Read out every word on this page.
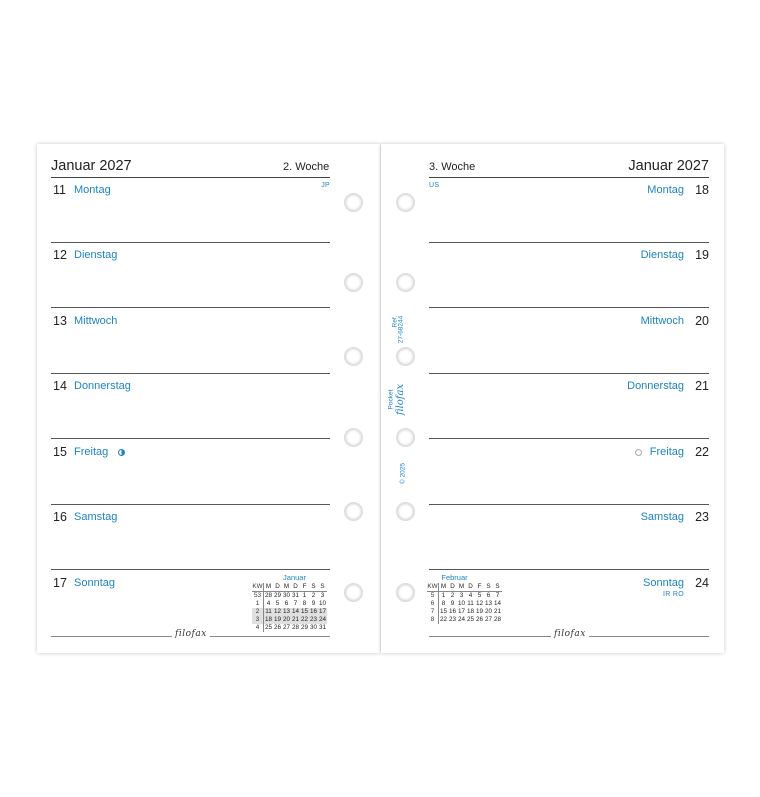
Januar 2027	2. Woche
11 Montag	JP
12 Dienstag
13 Mittwoch
14 Donnerstag
15 Freitag
16 Samstag
17 Sonntag	Januar
KW	M	D	M	D	F	S	S
53	28	29	30	31	1	2	3
1	4	5	6	7	8	9	10
2	11	12	13	14	15	16	17
3	18	19	20	21	22	23	24
4	25	26	27	28	29	30	31
filofax
3. Woche	Januar 2027
US	Montag 18
Dienstag 19
Mittwoch 20
Donnerstag 21
Freitag 22
Samstag 23
Sonntag 24
IR RO
Februar
KW	M	D	M	D	F	S	S
5	1	2	3	4	5	6	7
6	8	9	10	11	12	13	14
7	15	16	17	18	19	20	21
8	22	23	24	25	26	27	28
filofax
Ref. 27-68244
Pocket filofax
© 2025
